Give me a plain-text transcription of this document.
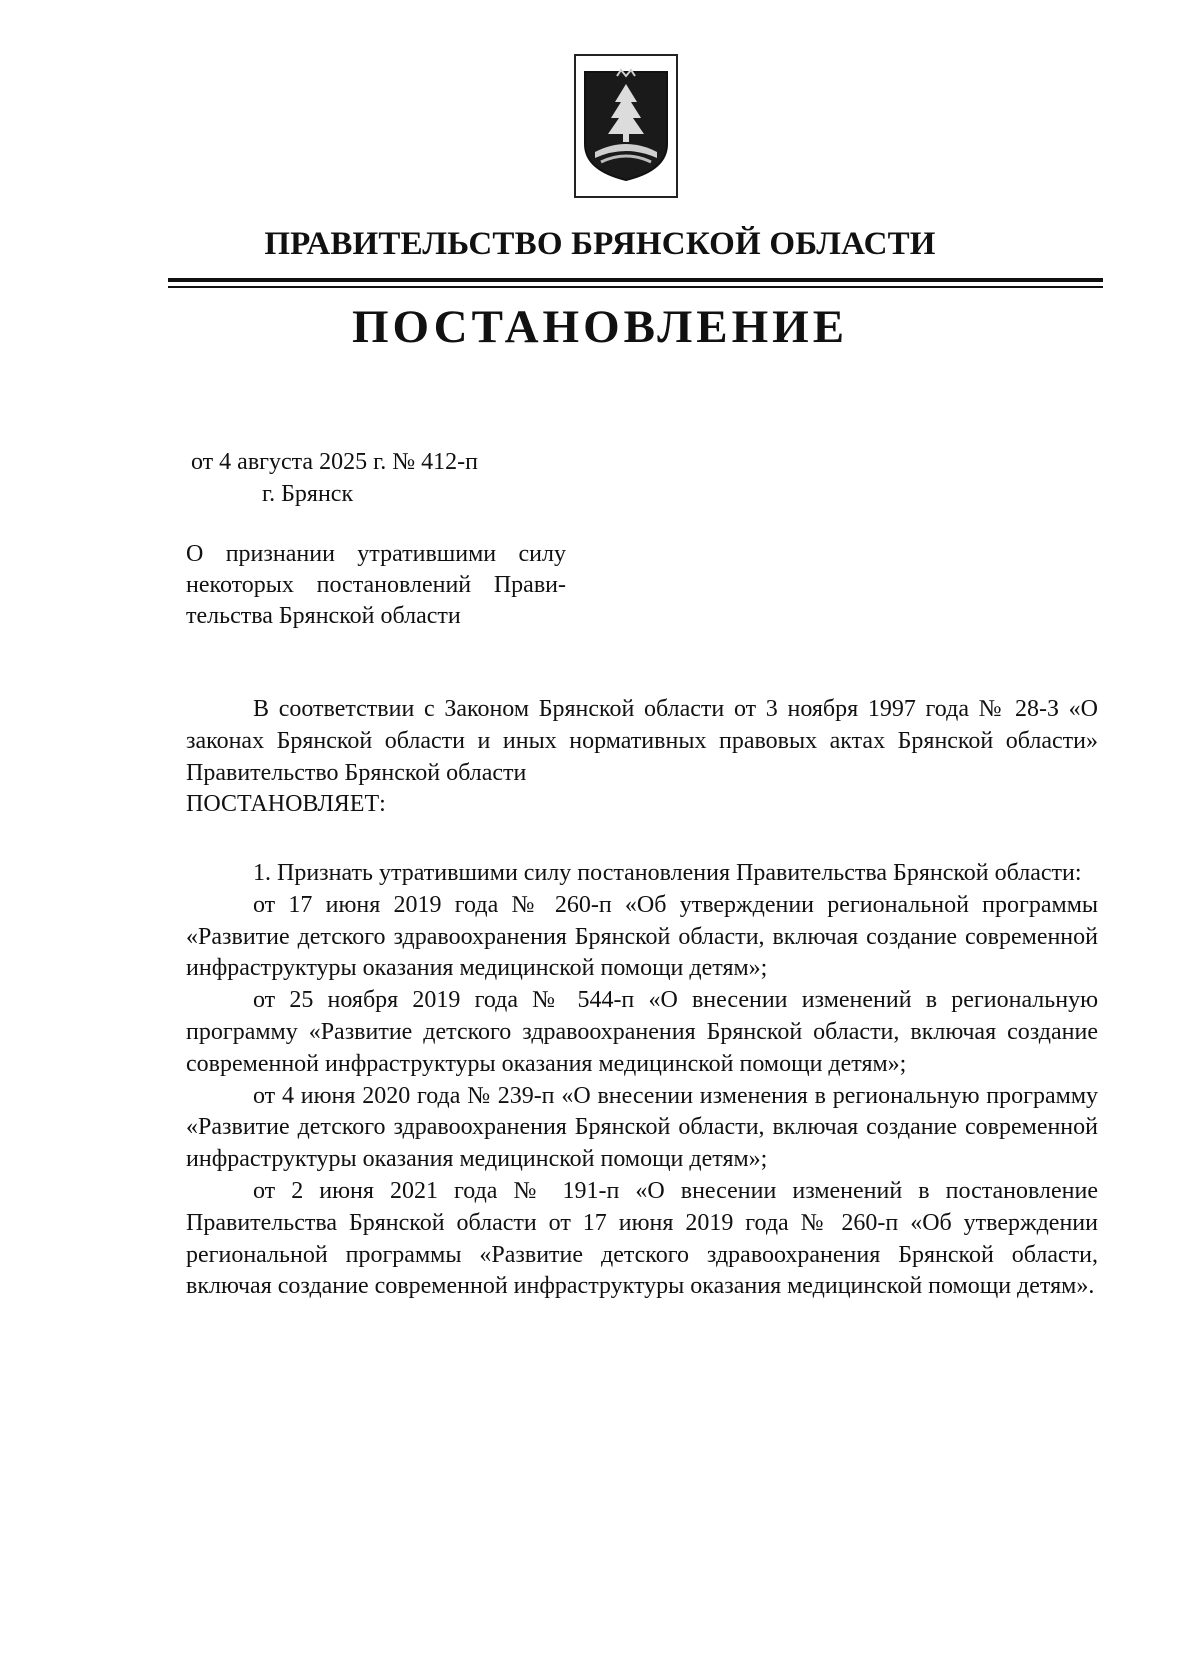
ПРАВИТЕЛЬСТВО БРЯНСКОЙ ОБЛАСТИ
ПОСТАНОВЛЕНИЕ
от 4 августа 2025 г. № 412-п
г. Брянск
О признании утратившими силу
некоторых постановлений Прави-
тельства Брянской области

В соответствии с Законом Брянской области от 3 ноября 1997 года № 28-З «О законах Брянской области и иных нормативных правовых актах Брянской области» Правительство Брянской области

ПОСТАНОВЛЯЕТ:

1. Признать утратившими силу постановления Правительства Брянской области:

от 17 июня 2019 года № 260-п «Об утверждении региональной программы «Развитие детского здравоохранения Брянской области, включая создание современной инфраструктуры оказания медицинской помощи детям»;

от 25 ноября 2019 года № 544-п «О внесении изменений в региональную программу «Развитие детского здравоохранения Брянской области, включая создание современной инфраструктуры оказания медицинской помощи детям»;

от 4 июня 2020 года № 239-п «О внесении изменения в региональную программу «Развитие детского здравоохранения Брянской области, включая создание современной инфраструктуры оказания медицинской помощи детям»;

от 2 июня 2021 года № 191-п «О внесении изменений в постановление Правительства Брянской области от 17 июня 2019 года № 260-п «Об утверждении региональной программы «Развитие детского здравоохранения Брянской области, включая создание современной инфраструктуры оказания медицинской помощи детям».
